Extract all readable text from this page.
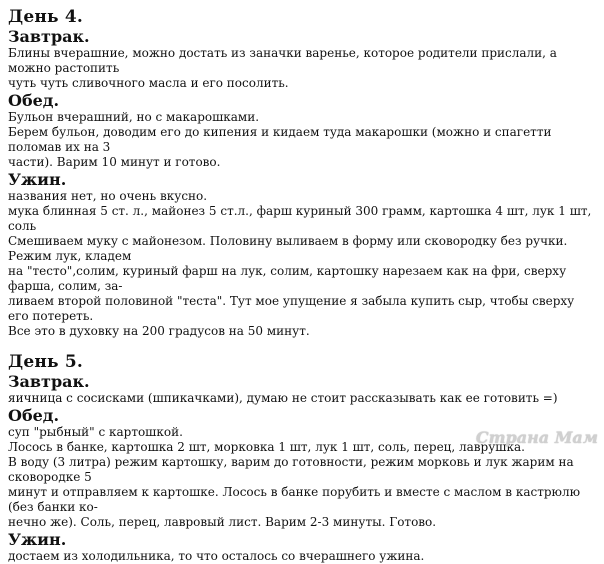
День 4.
Завтрак.

Блины вчерашние, можно достать из заначки варенье, которое родители прислали, а можно растопить

чуть чуть сливочного масла и его посолить.

Обед.

Бульон вчерашний, но с макарошками.

Берем бульон, доводим его до кипения и кидаем туда макарошки (можно и спагетти поломав их на 3

части). Варим 10 минут и готово.

Ужин.

названия нет, но очень вкусно.

мука блинная 5 ст. л., майонез 5 ст.л., фарш куриный 300 грамм, картошка 4 шт, лук 1 шт, соль

Смешиваем муку с майонезом. Половину выливаем в форму или сковородку без ручки. Режим лук, кладем

на "тесто",солим, куриный фарш на лук, солим, картошку нарезаем как на фри, сверху фарша, солим, за-

ливаем второй половиной "теста". Тут мое упущение я забыла купить сыр, чтобы сверху его потереть.

Все это в духовку на 200 градусов на 50 минут.

День 5.
Завтрак.

яичница с сосисками (шпикачками), думаю не стоит рассказывать как ее готовить =)

Обед.

суп "рыбный" с картошкой.

Лосось в банке, картошка 2 шт, морковка 1 шт, лук 1 шт, соль, перец, лаврушка.

В воду (3 литра) режим картошку, варим до готовности, режим морковь и лук жарим на сковородке 5

минут и отправляем к картошке. Лосось в банке порубить и вместе с маслом в кастрюлю (без банки ко-

нечно же). Соль, перец, лавровый лист. Варим 2-3 минуты. Готово.

Ужин.

достаем из холодильника, то что осталось со вчерашнего ужина.

Страна Мам
